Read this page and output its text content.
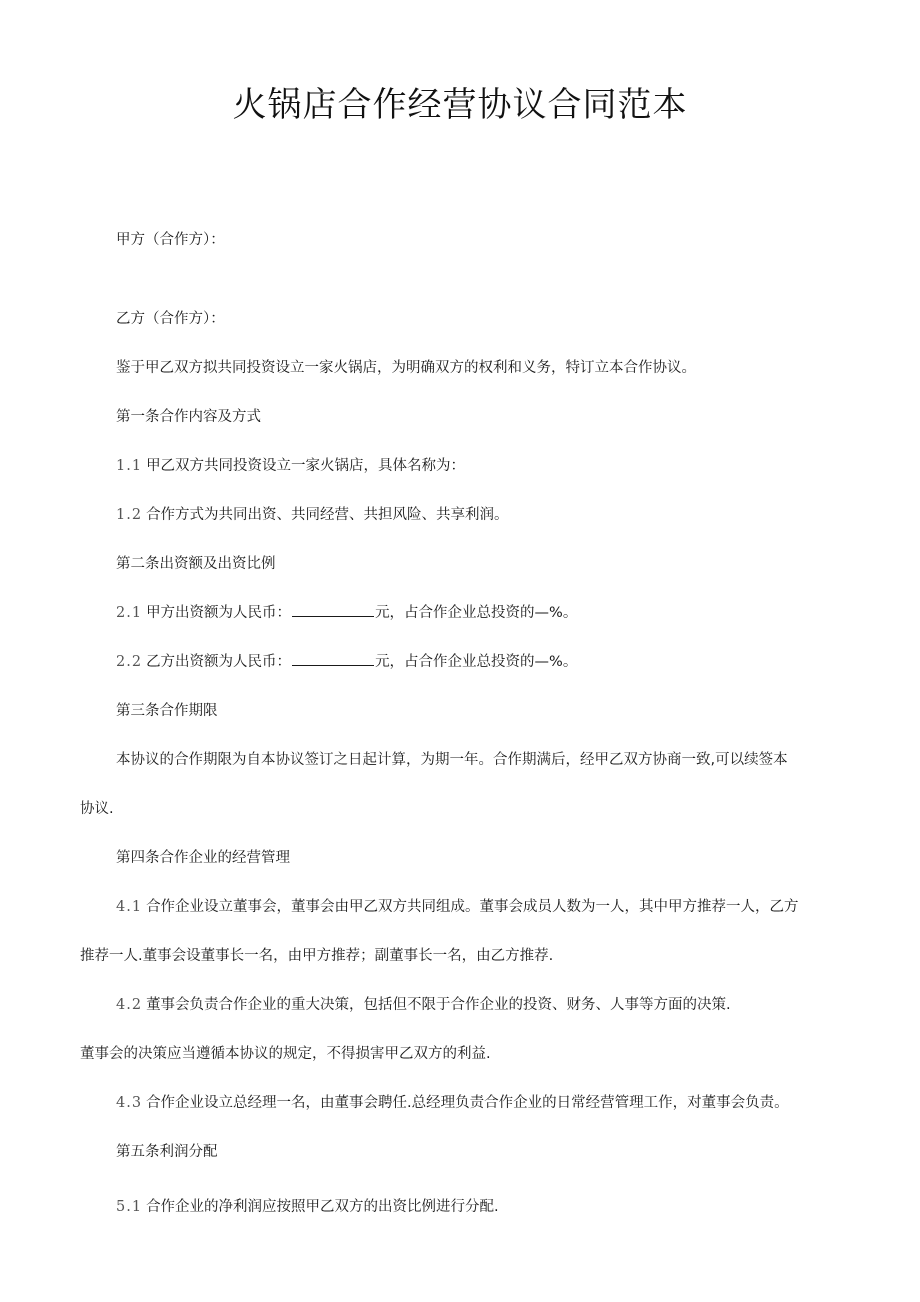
火锅店合作经营协议合同范本
甲方（合作方）：
乙方（合作方）：
鉴于甲乙双方拟共同投资设立一家火锅店，为明确双方的权利和义务，特订立本合作协议。
第一条合作内容及方式
1.1 甲乙双方共同投资设立一家火锅店，具体名称为：
1.2 合作方式为共同出资、共同经营、共担风险、共享利润。
第二条出资额及出资比例
2.1 甲方出资额为人民币：	元，占合作企业总投资的—%。
2.2 乙方出资额为人民币：	元，占合作企业总投资的—%。
第三条合作期限
本协议的合作期限为自本协议签订之日起计算，为期一年。合作期满后，经甲乙双方协商一致,可以续签本
协议.
第四条合作企业的经营管理
4.1 合作企业设立董事会，董事会由甲乙双方共同组成。董事会成员人数为一人，其中甲方推荐一人，乙方
推荐一人.董事会设董事长一名，由甲方推荐；副董事长一名，由乙方推荐.
4.2 董事会负责合作企业的重大决策，包括但不限于合作企业的投资、财务、人事等方面的决策.
董事会的决策应当遵循本协议的规定，不得损害甲乙双方的利益.
4.3 合作企业设立总经理一名，由董事会聘任.总经理负责合作企业的日常经营管理工作，对董事会负责。
第五条利润分配
5.1 合作企业的净利润应按照甲乙双方的出资比例进行分配.
